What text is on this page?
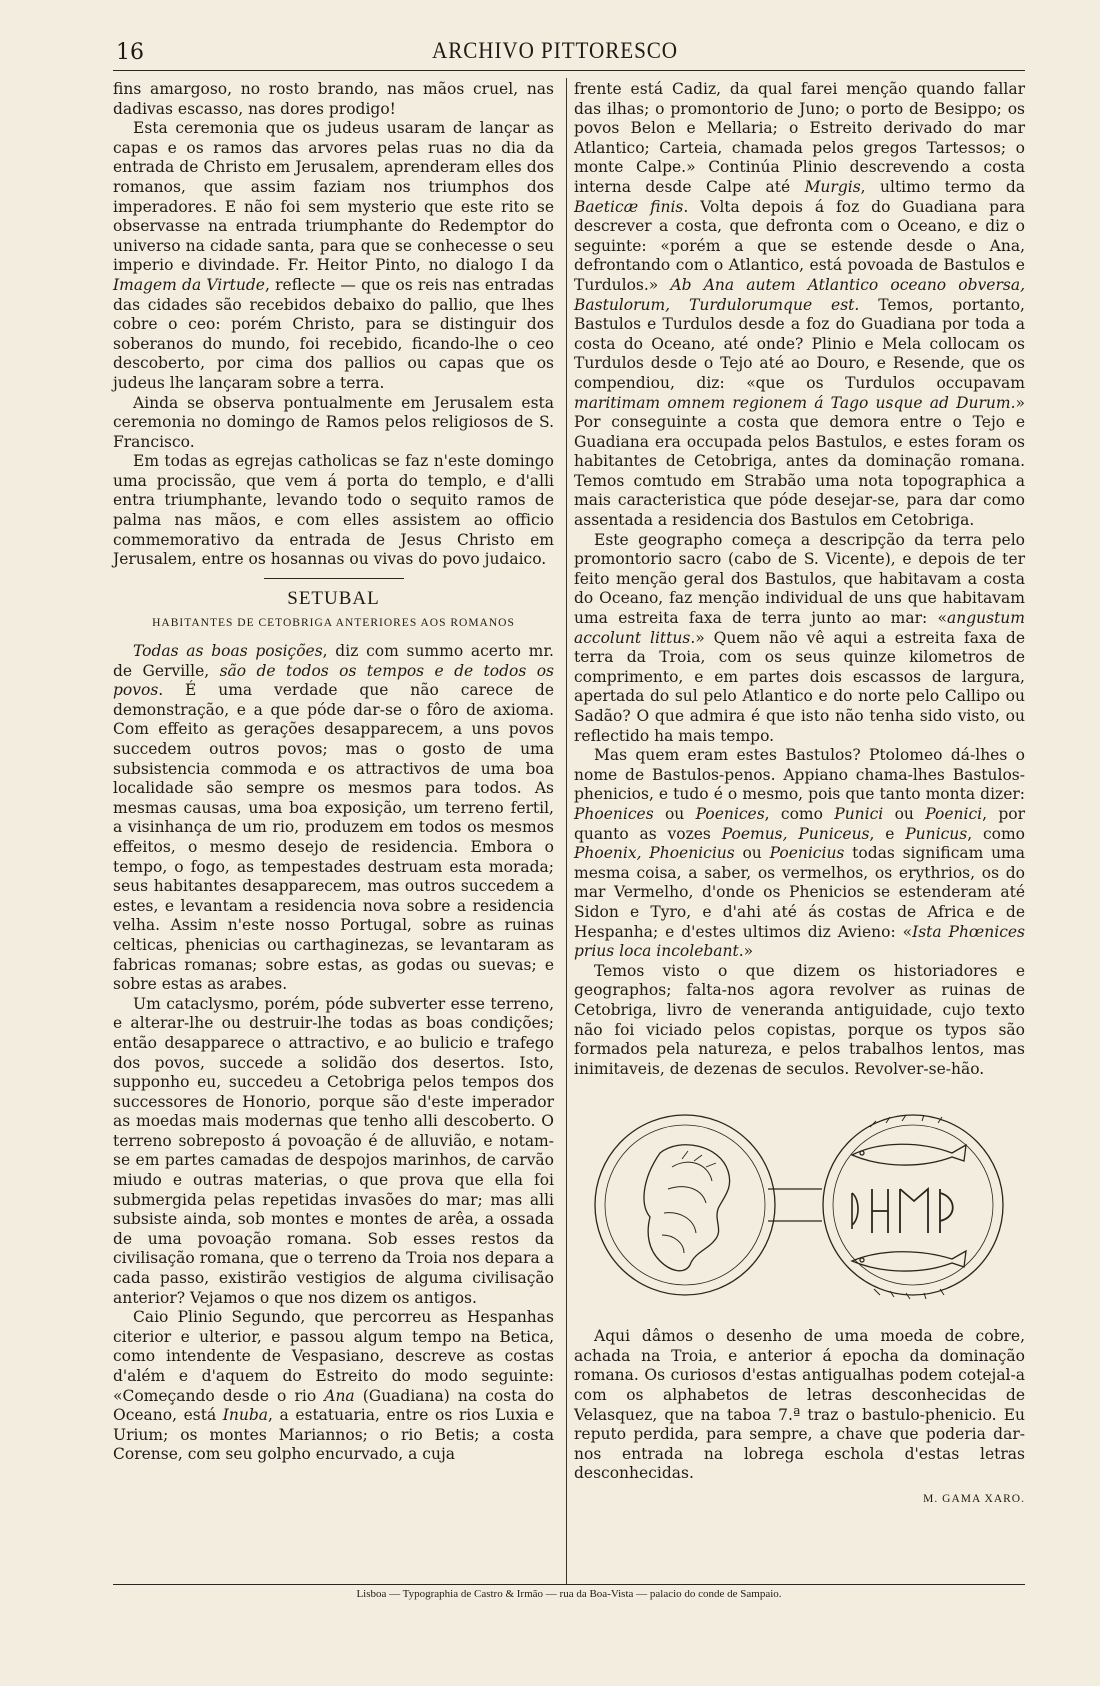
16	ARCHIVO PITTORESCO

fins amargoso, no rosto brando, nas mãos cruel, nas dadivas escasso, nas dores prodigo!

Esta ceremonia que os judeus usaram de lançar as capas e os ramos das arvores pelas ruas no dia da entrada de Christo em Jerusalem, aprenderam elles dos romanos, que assim faziam nos triumphos dos imperadores. E não foi sem mysterio que este rito se observasse na entrada triumphante do Redemptor do universo na cidade santa, para que se conhecesse o seu imperio e divindade. Fr. Heitor Pinto, no dialogo I da Imagem da Virtude, reflecte — que os reis nas entradas das cidades são recebidos debaixo do pallio, que lhes cobre o ceo: porém Christo, para se distinguir dos soberanos do mundo, foi recebido, ficando-lhe o ceo descoberto, por cima dos pallios ou capas que os judeus lhe lançaram sobre a terra.

Ainda se observa pontualmente em Jerusalem esta ceremonia no domingo de Ramos pelos religiosos de S. Francisco.

Em todas as egrejas catholicas se faz n'este domingo uma procissão, que vem á porta do templo, e d'alli entra triumphante, levando todo o sequito ramos de palma nas mãos, e com elles assistem ao officio commemorativo da entrada de Jesus Christo em Jerusalem, entre os hosannas ou vivas do povo judaico.

SETUBAL
HABITANTES DE CETOBRIGA ANTERIORES AOS ROMANOS

Todas as boas posições, diz com summo acerto mr. de Gerville, são de todos os tempos e de todos os povos. É uma verdade que não carece de demonstração, e a que póde dar-se o fôro de axioma. Com effeito as gerações desapparecem, a uns povos succedem outros povos; mas o gosto de uma subsistencia commoda e os attractivos de uma boa localidade são sempre os mesmos para todos. As mesmas causas, uma boa exposição, um terreno fertil, a visinhança de um rio, produzem em todos os mesmos effeitos, o mesmo desejo de residencia. Embora o tempo, o fogo, as tempestades destruam esta morada; seus habitantes desapparecem, mas outros succedem a estes, e levantam a residencia nova sobre a residencia velha. Assim n'este nosso Portugal, sobre as ruinas celticas, phenicias ou carthaginezas, se levantaram as fabricas romanas; sobre estas, as godas ou suevas; e sobre estas as arabes.

Um cataclysmo, porém, póde subverter esse terreno, e alterar-lhe ou destruir-lhe todas as boas condições; então desapparece o attractivo, e ao bulicio e trafego dos povos, succede a solidão dos desertos. Isto, supponho eu, succedeu a Cetobriga pelos tempos dos successores de Honorio, porque são d'este imperador as moedas mais modernas que tenho alli descoberto. O terreno sobreposto á povoação é de alluvião, e notam-se em partes camadas de despojos marinhos, de carvão miudo e outras materias, o que prova que ella foi submergida pelas repetidas invasões do mar; mas alli subsiste ainda, sob montes e montes de arêa, a ossada de uma povoação romana. Sob esses restos da civilisação romana, que o terreno da Troia nos depara a cada passo, existirão vestigios de alguma civilisação anterior? Vejamos o que nos dizem os antigos.

Caio Plinio Segundo, que percorreu as Hespanhas citerior e ulterior, e passou algum tempo na Betica, como intendente de Vespasiano, descreve as costas d'além e d'aquem do Estreito do modo seguinte: «Começando desde o rio Ana (Guadiana) na costa do Oceano, está Inuba, a estatuaria, entre os rios Luxia e Urium; os montes Mariannos; o rio Betis; a costa Corense, com seu golpho encurvado, a cuja

frente está Cadiz, da qual farei menção quando fallar das ilhas; o promontorio de Juno; o porto de Besippo; os povos Belon e Mellaria; o Estreito derivado do mar Atlantico; Carteia, chamada pelos gregos Tartessos; o monte Calpe.» Continúa Plinio descrevendo a costa interna desde Calpe até Murgis, ultimo termo da Baeticæ finis. Volta depois á foz do Guadiana para descrever a costa, que defronta com o Oceano, e diz o seguinte: «porém a que se estende desde o Ana, defrontando com o Atlantico, está povoada de Bastulos e Turdulos.» Ab Ana autem Atlantico oceano obversa, Bastulorum, Turdulorumque est. Temos, portanto, Bastulos e Turdulos desde a foz do Guadiana por toda a costa do Oceano, até onde? Plinio e Mela collocam os Turdulos desde o Tejo até ao Douro, e Resende, que os compendiou, diz: «que os Turdulos occupavam maritimam omnem regionem á Tago usque ad Durum.» Por conseguinte a costa que demora entre o Tejo e Guadiana era occupada pelos Bastulos, e estes foram os habitantes de Cetobriga, antes da dominação romana. Temos comtudo em Strabão uma nota topographica a mais caracteristica que póde desejar-se, para dar como assentada a residencia dos Bastulos em Cetobriga.

Este geographo começa a descripção da terra pelo promontorio sacro (cabo de S. Vicente), e depois de ter feito menção geral dos Bastulos, que habitavam a costa do Oceano, faz menção individual de uns que habitavam uma estreita faxa de terra junto ao mar: «angustum accolunt littus.» Quem não vê aqui a estreita faxa de terra da Troia, com os seus quinze kilometros de comprimento, e em partes dois escassos de largura, apertada do sul pelo Atlantico e do norte pelo Callipo ou Sadão? O que admira é que isto não tenha sido visto, ou reflectido ha mais tempo.

Mas quem eram estes Bastulos? Ptolomeo dá-lhes o nome de Bastulos-penos. Appiano chama-lhes Bastulos-phenicios, e tudo é o mesmo, pois que tanto monta dizer: Phoenices ou Poenices, como Punici ou Poenici, por quanto as vozes Poemus, Puniceus, e Punicus, como Phoenix, Phoenicius ou Poenicius todas significam uma mesma coisa, a saber, os vermelhos, os erythrios, os do mar Vermelho, d'onde os Phenicios se estenderam até Sidon e Tyro, e d'ahi até ás costas de Africa e de Hespanha; e d'estes ultimos diz Avieno: «Ista Phœnices prius loca incolebant.»

Temos visto o que dizem os historiadores e geographos; falta-nos agora revolver as ruinas de Cetobriga, livro de veneranda antiguidade, cujo texto não foi viciado pelos copistas, porque os typos são formados pela natureza, e pelos trabalhos lentos, mas inimitaveis, de dezenas de seculos. Revolver-se-hão.

Aqui dâmos o desenho de uma moeda de cobre, achada na Troia, e anterior á epocha da dominação romana. Os curiosos d'estas antigualhas podem cotejal-a com os alphabetos de letras desconhecidas de Velasquez, que na taboa 7.ª traz o bastulo-phenicio. Eu reputo perdida, para sempre, a chave que poderia dar-nos entrada na lobrega eschola d'estas letras desconhecidas.

M. GAMA XARO.
Lisboa — Typographia de Castro & Irmão — rua da Boa-Vista — palacio do conde de Sampaio.
